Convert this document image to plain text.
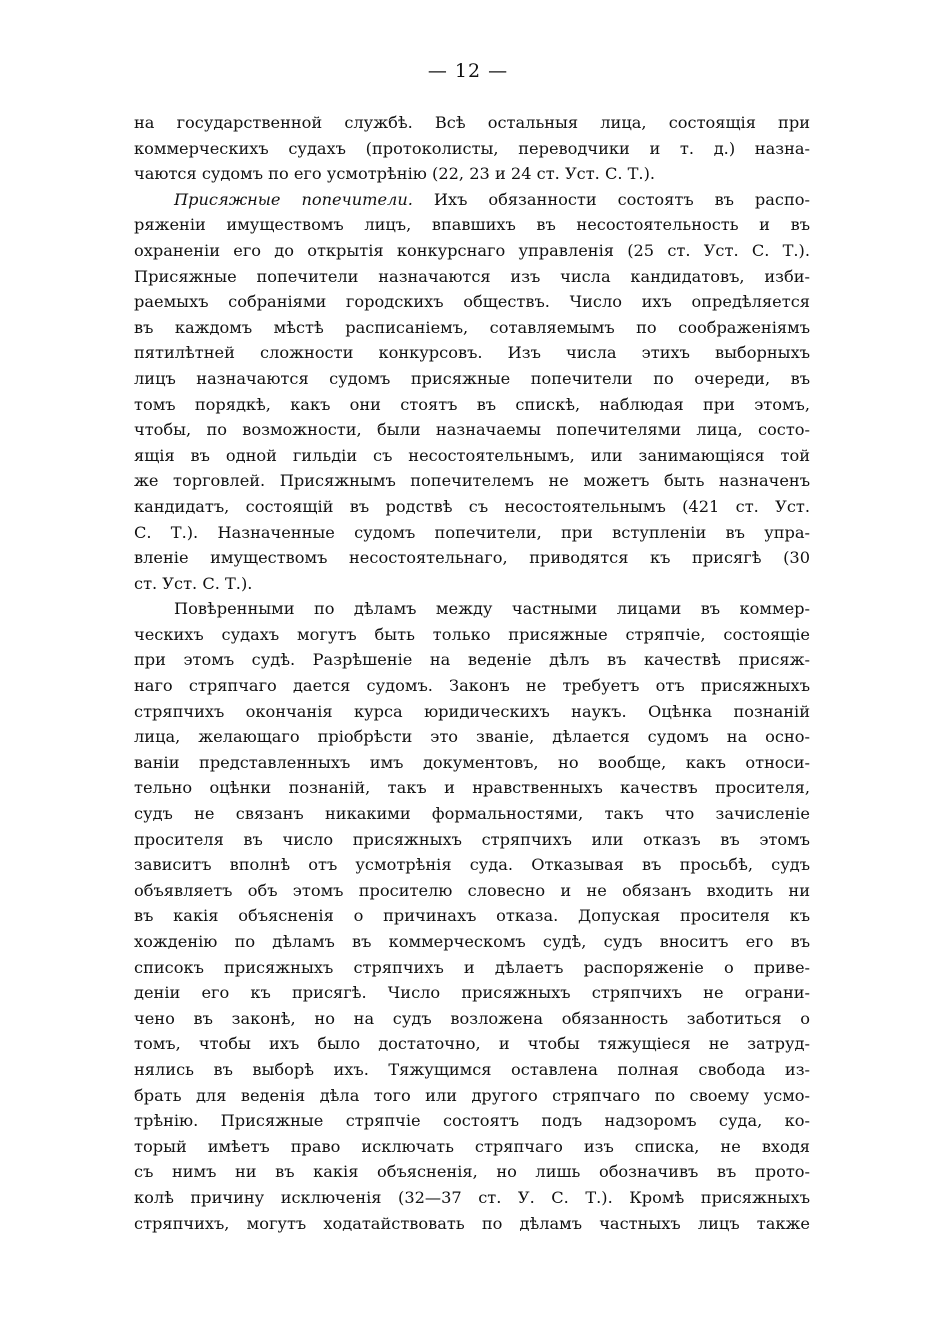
— 12 —
на государственной службѣ. Всѣ остальныя лица, состоящія при
коммерческихъ судахъ (протоколисты, переводчики и т. д.) назна-
чаются судомъ по его усмотрѣнію (22, 23 и 24 ст. Уст. С. Т.).
Присяжные попечители. Ихъ обязанности состоятъ въ распо-
ряженіи имуществомъ лицъ, впавшихъ въ несостоятельность и въ
охраненіи его до открытія конкурснаго управленія (25 ст. Уст. С. Т.).
Присяжные попечители назначаются изъ числа кандидатовъ, изби-
раемыхъ собраніями городскихъ обществъ. Число ихъ опредѣляется
въ каждомъ мѣстѣ расписаніемъ, сотавляемымъ по соображеніямъ
пятилѣтней сложности конкурсовъ. Изъ числа этихъ выборныхъ
лицъ назначаются судомъ присяжные попечители по очереди, въ
томъ порядкѣ, какъ они стоятъ въ спискѣ, наблюдая при этомъ,
чтобы, по возможности, были назначаемы попечителями лица, состо-
ящія въ одной гильдіи съ несостоятельнымъ, или занимающіяся той
же торговлей. Присяжнымъ попечителемъ не можетъ быть назначенъ
кандидатъ, состоящій въ родствѣ съ несостоятельнымъ (421 ст. Уст.
С. Т.). Назначенные судомъ попечители, при вступленіи въ упра-
вленіе имуществомъ несостоятельнаго, приводятся къ присягѣ (30
ст. Уст. С. Т.).
Повѣренными по дѣламъ между частными лицами въ коммер-
ческихъ судахъ могутъ быть только присяжные стряпчіе, состоящіе
при этомъ судѣ. Разрѣшеніе на веденіе дѣлъ въ качествѣ присяж-
наго стряпчаго дается судомъ. Законъ не требуетъ отъ присяжныхъ
стряпчихъ окончанія курса юридическихъ наукъ. Оцѣнка познаній
лица, желающаго пріобрѣсти это званіе, дѣлается судомъ на осно-
ваніи представленныхъ имъ документовъ, но вообще, какъ относи-
тельно оцѣнки познаній, такъ и нравственныхъ качествъ просителя,
судъ не связанъ никакими формальностями, такъ что зачисленіе
просителя въ число присяжныхъ стряпчихъ или отказъ въ этомъ
зависитъ вполнѣ отъ усмотрѣнія суда. Отказывая въ просьбѣ, судъ
объявляетъ объ этомъ просителю словесно и не обязанъ входить ни
въ какія объясненія о причинахъ отказа. Допуская просителя къ
хожденію по дѣламъ въ коммерческомъ судѣ, судъ вноситъ его въ
списокъ присяжныхъ стряпчихъ и дѣлаетъ распоряженіе о приве-
деніи его къ присягѣ. Число присяжныхъ стряпчихъ не ограни-
чено въ законѣ, но на судъ возложена обязанность заботиться о
томъ, чтобы ихъ было достаточно, и чтобы тяжущіеся не затруд-
нялись въ выборѣ ихъ. Тяжущимся оставлена полная свобода из-
брать для веденія дѣла того или другого стряпчаго по своему усмо-
трѣнію. Присяжные стряпчіе состоятъ подъ надзоромъ суда, ко-
торый имѣетъ право исключать стряпчаго изъ списка, не входя
съ нимъ ни въ какія объясненія, но лишь обозначивъ въ прото-
колѣ причину исключенія (32—37 ст. У. С. Т.). Кромѣ присяжныхъ
стряпчихъ, могутъ ходатайствовать по дѣламъ частныхъ лицъ также
